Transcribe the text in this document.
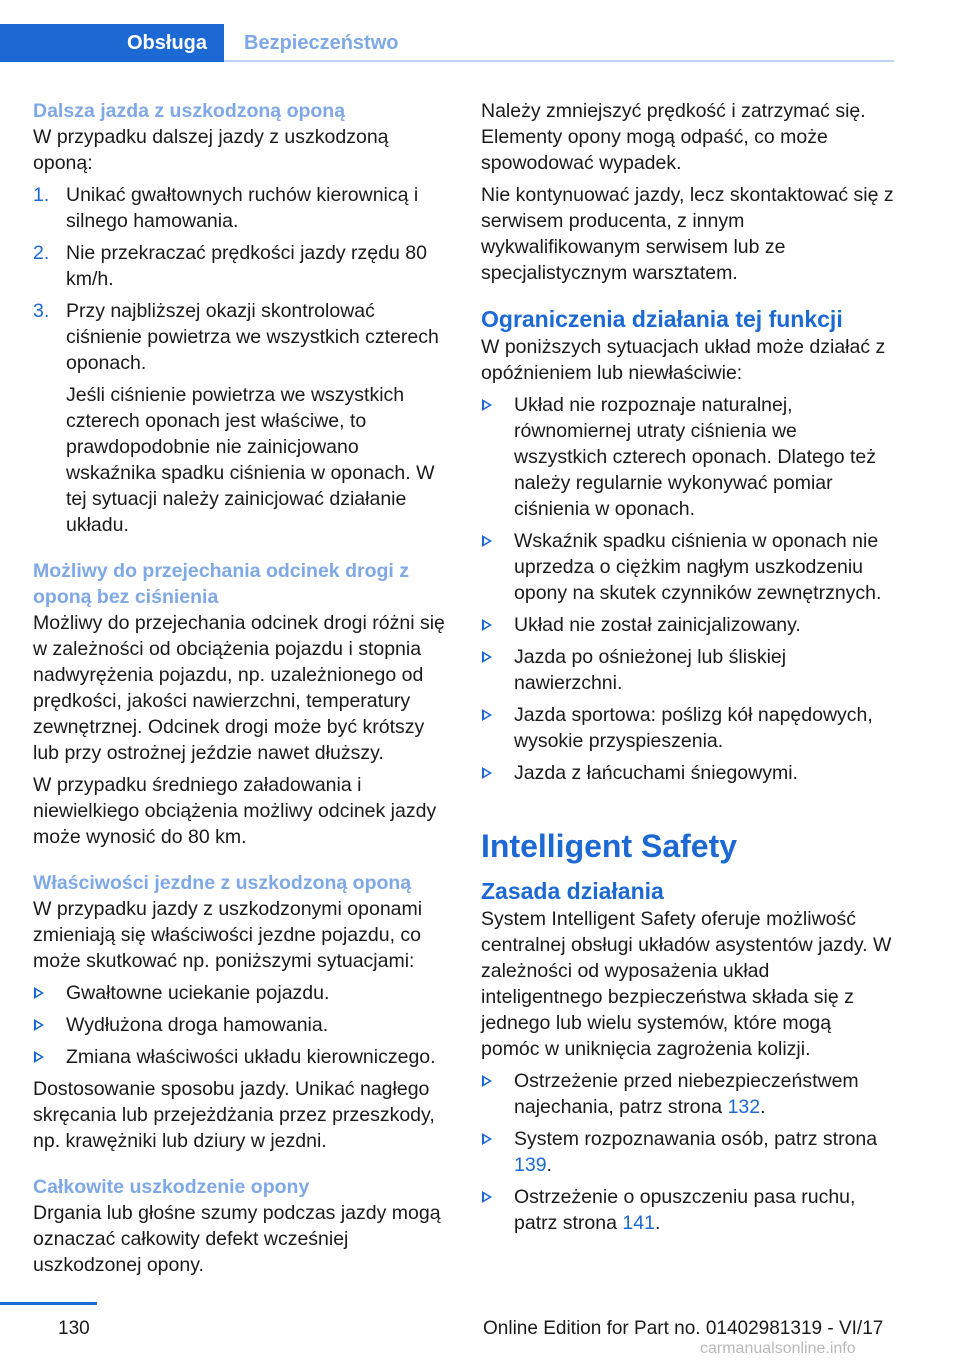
Obsługa Bezpieczeństwo
Dalsza jazda z uszkodzoną oponą

W przypadku dalszej jazdy z uszkodzoną oponą:

1. Unikać gwałtownych ruchów kierownicą i silnego hamowania.
2. Nie przekraczać prędkości jazdy rzędu 80 km/h.
3. Przy najbliższej okazji skontrolować ciśnienie powietrza we wszystkich czterech oponach.
Jeśli ciśnienie powietrza we wszystkich czterech oponach jest właściwe, to prawdopodobnie nie zainicjowano wskaźnika spadku ciśnienia w oponach. W tej sytuacji należy zainicjować działanie układu.
Możliwy do przejechania odcinek drogi z oponą bez ciśnienia

Możliwy do przejechania odcinek drogi różni się w zależności od obciążenia pojazdu i stopnia nadwyrężenia pojazdu, np. uzależnionego od prędkości, jakości nawierzchni, temperatury zewnętrznej. Odcinek drogi może być krótszy lub przy ostrożnej jeździe nawet dłuższy.

W przypadku średniego załadowania i niewielkiego obciążenia możliwy odcinek jazdy może wynosić do 80 km.

Właściwości jezdne z uszkodzoną oponą

W przypadku jazdy z uszkodzonymi oponami zmieniają się właściwości jezdne pojazdu, co może skutkować np. poniższymi sytuacjami:

Gwałtowne uciekanie pojazdu.
Wydłużona droga hamowania.
Zmiana właściwości układu kierowniczego.

Dostosowanie sposobu jazdy. Unikać nagłego skręcania lub przejeżdżania przez przeszkody, np. krawężniki lub dziury w jezdni.

Całkowite uszkodzenie opony

Drgania lub głośne szumy podczas jazdy mogą oznaczać całkowity defekt wcześniej uszkodzonej opony.

Należy zmniejszyć prędkość i zatrzymać się. Elementy opony mogą odpaść, co może spowodować wypadek.

Nie kontynuować jazdy, lecz skontaktować się z serwisem producenta, z innym wykwalifikowanym serwisem lub ze specjalistycznym warsztatem.

Ograniczenia działania tej funkcji

W poniższych sytuacjach układ może działać z opóźnieniem lub niewłaściwie:

Układ nie rozpoznaje naturalnej, równomiernej utraty ciśnienia we wszystkich czterech oponach. Dlatego też należy regularnie wykonywać pomiar ciśnienia w oponach.
Wskaźnik spadku ciśnienia w oponach nie uprzedza o ciężkim nagłym uszkodzeniu opony na skutek czynników zewnętrznych.
Układ nie został zainicjalizowany.
Jazda po ośnieżonej lub śliskiej nawierzchni.
Jazda sportowa: poślizg kół napędowych, wysokie przyspieszenia.
Jazda z łańcuchami śniegowymi.
Intelligent Safety
Zasada działania

System Intelligent Safety oferuje możliwość centralnej obsługi układów asystentów jazdy. W zależności od wyposażenia układ inteligentnego bezpieczeństwa składa się z jednego lub wielu systemów, które mogą pomóc w uniknięcia zagrożenia kolizji.

Ostrzeżenie przed niebezpieczeństwem najechania, patrz strona 132.
System rozpoznawania osób, patrz strona 139.
Ostrzeżenie o opuszczeniu pasa ruchu, patrz strona 141.
130	Online Edition for Part no. 01402981319 - VI/17
carmanualsonline.info
